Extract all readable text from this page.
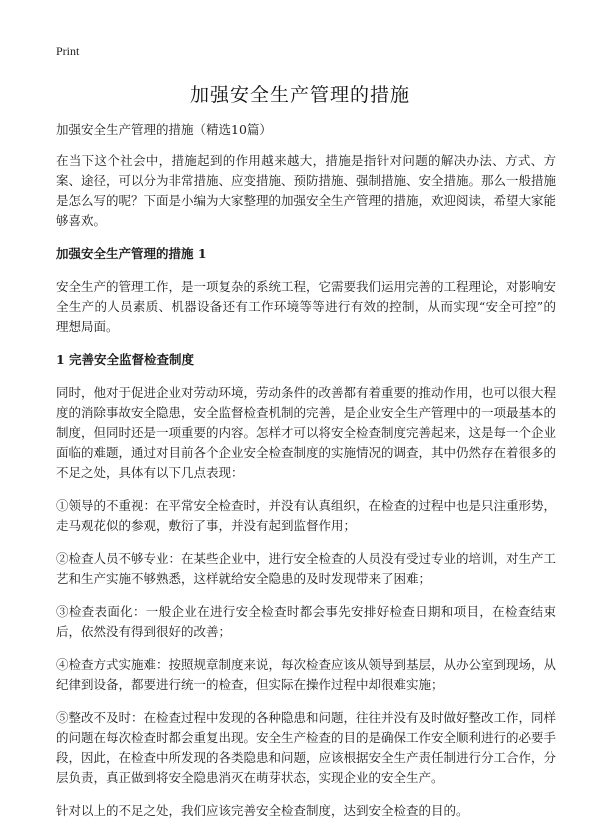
Print
加强安全生产管理的措施

加强安全生产管理的措施（精选10篇）

在当下这个社会中，措施起到的作用越来越大，措施是指针对问题的解决办法、方式、方案、途径，可以分为非常措施、应变措施、预防措施、强制措施、安全措施。那么一般措施是怎么写的呢？下面是小编为大家整理的加强安全生产管理的措施，欢迎阅读，希望大家能够喜欢。

加强安全生产管理的措施 1

安全生产的管理工作，是一项复杂的系统工程，它需要我们运用完善的工程理论，对影响安全生产的人员素质、机器设备还有工作环境等等进行有效的控制，从而实现“安全可控”的理想局面。

1 完善安全监督检查制度

同时，他对于促进企业对劳动环境，劳动条件的改善都有着重要的推动作用，也可以很大程度的消除事故安全隐患，安全监督检查机制的完善，是企业安全生产管理中的一项最基本的制度，但同时还是一项重要的内容。怎样才可以将安全检查制度完善起来，这是每一个企业面临的难题，通过对目前各个企业安全检查制度的实施情况的调查，其中仍然存在着很多的不足之处，具体有以下几点表现：

①领导的不重视：在平常安全检查时，并没有认真组织，在检查的过程中也是只注重形势，走马观花似的参观，敷衍了事，并没有起到监督作用；

②检查人员不够专业：在某些企业中，进行安全检查的人员没有受过专业的培训，对生产工艺和生产实施不够熟悉，这样就给安全隐患的及时发现带来了困难；

③检查表面化：一般企业在进行安全检查时都会事先安排好检查日期和项目，在检查结束后，依然没有得到很好的改善；

④检查方式实施难：按照规章制度来说，每次检查应该从领导到基层，从办公室到现场，从纪律到设备，都要进行统一的检查，但实际在操作过程中却很难实施；

⑤整改不及时：在检查过程中发现的各种隐患和问题，往往并没有及时做好整改工作，同样的问题在每次检查时都会重复出现。安全生产检查的目的是确保工作安全顺利进行的必要手段，因此，在检查中所发现的各类隐患和问题，应该根据安全生产责任制进行分工合作，分层负责，真正做到将安全隐患消灭在萌芽状态，实现企业的安全生产。

针对以上的不足之处，我们应该完善安全检查制度，达到安全检查的目的。
